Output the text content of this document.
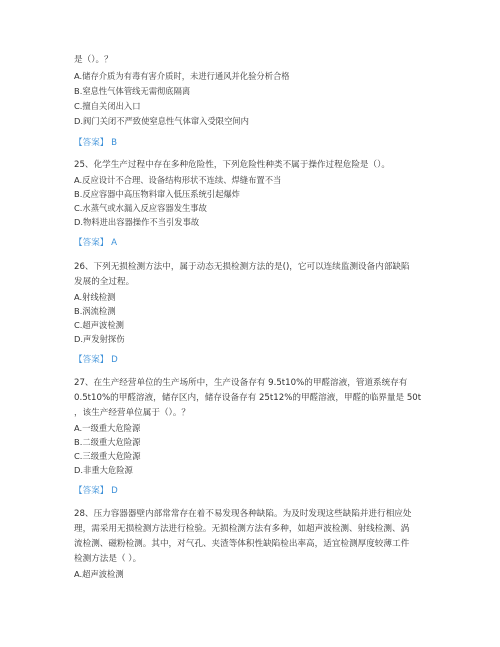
是（）。？
A.储存介质为有毒有害介质时，未进行通风并化验分析合格
B.窒息性气体管线无需彻底隔离
C.擅自关闭出入口
D.阀门关闭不严致使窒息性气体窜入受限空间内
【答案】 B
25、化学生产过程中存在多种危险性，下列危险性种类不属于操作过程危险是（）。
A.反应设计不合理、设备结构形状不连续、焊缝布置不当
B.反应容器中高压物料窜入低压系统引起爆炸
C.水蒸气或水漏入反应容器发生事故
D.物料进出容器操作不当引发事故
【答案】 A
26、下列无损检测方法中，属于动态无损检测方法的是()，它可以连续监测设备内部缺陷
发展的全过程。
A.射线检测
B.涡流检测
C.超声波检测
D.声发射探伤
【答案】 D
27、在生产经营单位的生产场所中，生产设备存有 9.5t10%的甲醛溶液，管道系统存有
0.5t10%的甲醛溶液，储存区内，储存设备存有 25t12%的甲醛溶液，甲醛的临界量是 50t
，该生产经营单位属于（）。？
A.一级重大危险源
B.二级重大危险源
C.三级重大危险源
D.非重大危险源
【答案】 D
28、压力容器器壁内部常常存在着不易发现各种缺陷。为及时发现这些缺陷并进行相应处
理，需采用无损检测方法进行检验。无损检测方法有多种，如超声波检测、射线检测、涡
流检测、磁粉检测。其中，对气孔、夹渣等体积性缺陷检出率高，适宜检测厚度较薄工件
检测方法是（ ）。
A.超声波检测
